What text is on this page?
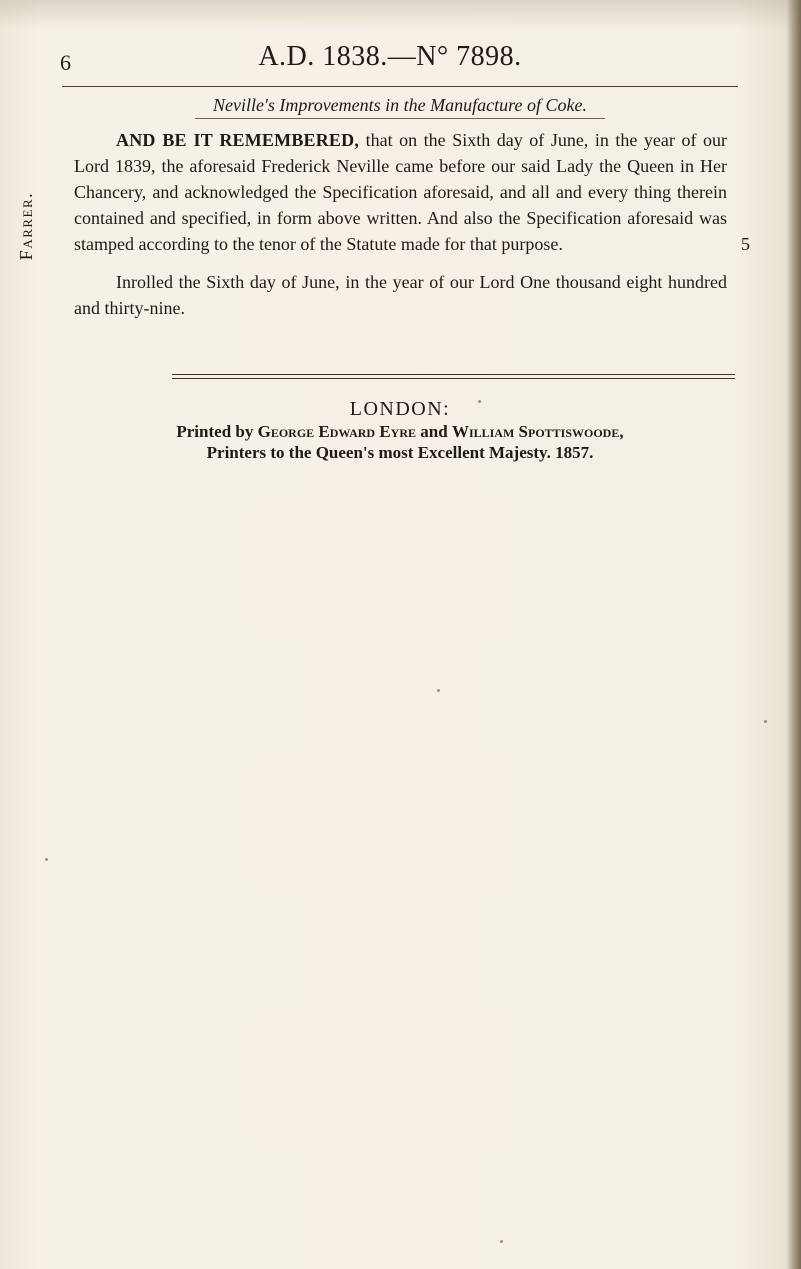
6	A.D. 1838.—N° 7898.
Neville's Improvements in the Manufacture of Coke.
Farrer.

AND BE IT REMEMBERED, that on the Sixth day of June, in the year of our Lord 1839, the aforesaid Frederick Neville came before our said Lady the Queen in Her Chancery, and acknowledged the Specification aforesaid, and all and every thing therein contained and specified, in form above written. And also the Specification aforesaid was stamped according to the tenor of the Statute made for that purpose.

Inrolled the Sixth day of June, in the year of our Lord One thousand eight hundred and thirty-nine.

5
LONDON:
Printed by George Edward Eyre and William Spottiswoode,
Printers to the Queen's most Excellent Majesty. 1857.
